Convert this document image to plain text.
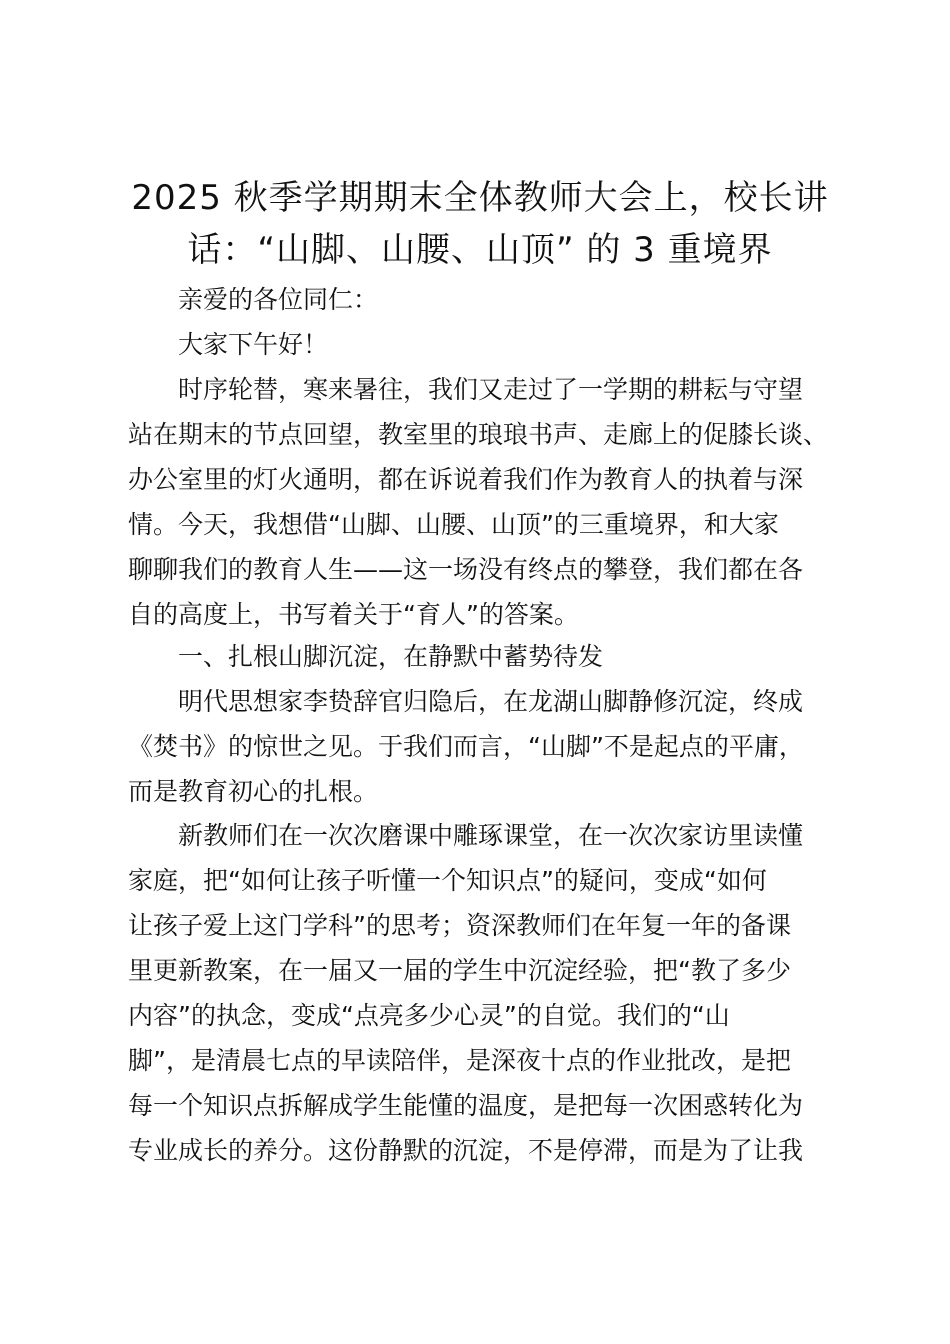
2025 秋季学期期末全体教师大会上，校长讲
话：“山脚、山腰、山顶” 的 3 重境界

亲爱的各位同仁：

大家下午好！

时序轮替，寒来暑往，我们又走过了一学期的耕耘与守望
站在期末的节点回望，教室里的琅琅书声、走廊上的促膝长谈、
办公室里的灯火通明，都在诉说着我们作为教育人的执着与深
情。今天，我想借“山脚、山腰、山顶”的三重境界，和大家
聊聊我们的教育人生——这一场没有终点的攀登，我们都在各
自的高度上，书写着关于“育人”的答案。

一、扎根山脚沉淀，在静默中蓄势待发

明代思想家李贽辞官归隐后，在龙湖山脚静修沉淀，终成
《焚书》的惊世之见。于我们而言，“山脚”不是起点的平庸，
而是教育初心的扎根。
新教师们在一次次磨课中雕琢课堂，在一次次家访里读懂
家庭，把“如何让孩子听懂一个知识点”的疑问，变成“如何
让孩子爱上这门学科”的思考；资深教师们在年复一年的备课
里更新教案，在一届又一届的学生中沉淀经验，把“教了多少
内容”的执念，变成“点亮多少心灵”的自觉。我们的“山
脚”，是清晨七点的早读陪伴，是深夜十点的作业批改，是把
每一个知识点拆解成学生能懂的温度，是把每一次困惑转化为
专业成长的养分。这份静默的沉淀，不是停滞，而是为了让我
